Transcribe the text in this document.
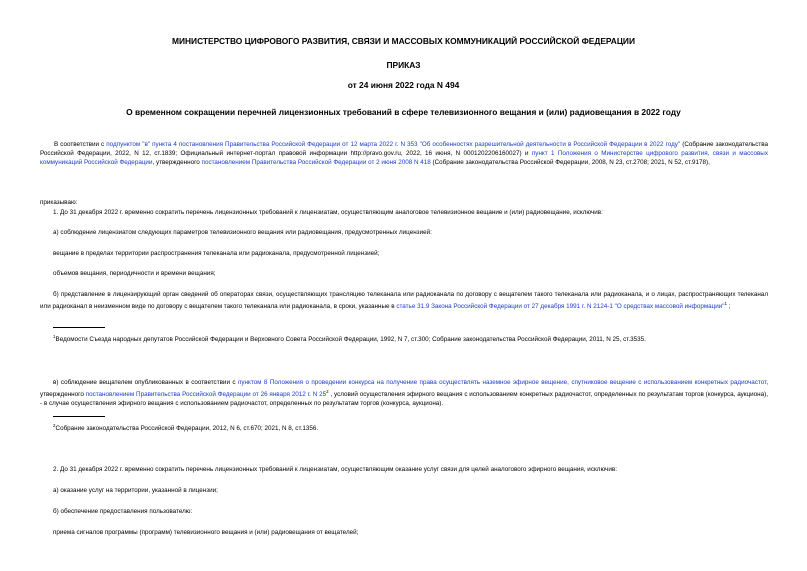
МИНИСТЕРСТВО ЦИФРОВОГО РАЗВИТИЯ, СВЯЗИ И МАССОВЫХ КОММУНИКАЦИЙ РОССИЙСКОЙ ФЕДЕРАЦИИ
ПРИКАЗ
от 24 июня 2022 года N 494
О временном сокращении перечней лицензионных требований в сфере телевизионного вещания и (или) радиовещания в 2022 году
В соответствии с подпунктом "в" пункта 4 постановления Правительства Российской Федерации от 12 марта 2022 г. N 353 "Об особенностях разрешительной деятельности в Российской Федерации в 2022 году" (Собрание законодательства Российской Федерации, 2022, N 12, ст.1839; Официальный интернет-портал правовой информации http://pravo.gov.ru, 2022, 16 июня, N 0001202206160027) и пункт 1 Положения о Министерстве цифрового развития, связи и массовых коммуникаций Российской Федерации, утвержденного постановлением Правительства Российской Федерации от 2 июня 2008 N 418 (Собрание законодательства Российской Федерации, 2008, N 23, ст.2708; 2021, N 52, ст.9178),
приказываю:
1. До 31 декабря 2022 г. временно сократить перечень лицензионных требований к лицензиатам, осуществляющим аналоговое телевизионное вещание и (или) радиовещание, исключив:
а) соблюдение лицензиатом следующих параметров телевизионного вещания или радиовещания, предусмотренных лицензией:
вещание в пределах территории распространения телеканала или радиоканала, предусмотренной лицензией;
объемов вещания, периодичности и времени вещания;
б) представление в лицензирующий орган сведений об операторах связи, осуществляющих трансляцию телеканала или радиоканала по договору с вещателем такого телеканала или радиоканала, и о лицах, распространяющих телеканал или радиоканал в неизменном виде по договору с вещателем такого телеканала или радиоканала, в сроки, указанные в статье 31.9 Закона Российской Федерации от 27 декабря 1991 г. N 2124-1 "О средствах массовой информации"$^1$ ;
$^1$Ведомости Съезда народных депутатов Российской Федерации и Верховного Совета Российской Федерации, 1992, N 7, ст.300; Собрание законодательства Российской Федерации, 2011, N 25, ст.3535.
в) соблюдение вещателем опубликованных в соответствии с пунктом 8 Положения о проведении конкурса на получение права осуществлять наземное эфирное вещение, спутниковое вещение с использованием конкретных радиочастот, утвержденного постановлением Правительства Российской Федерации от 26 января 2012 г. N $25^2$ , условий осуществления эфирного вещания с использованием конкретных радиочастот, определенных по результатам торгов (конкурса, аукциона), - в случае осуществления эфирного вещания с использованием радиочастот, определенных по результатам торгов (конкурса, аукциона).
$^2$Собрание законодательства Российской Федерации, 2012, N 6, ст.670; 2021, N 8, ст.1356.
2. До 31 декабря 2022 г. временно сократить перечень лицензионных требований к лицензиатам, осуществляющим оказание услуг связи для целей аналогового эфирного вещания, исключив:
а) оказание услуг на территории, указанной в лицензии;
б) обеспечение предоставления пользователю:
приема сигналов программы (программ) телевизионного вещания и (или) радиовещания от вещателей;
